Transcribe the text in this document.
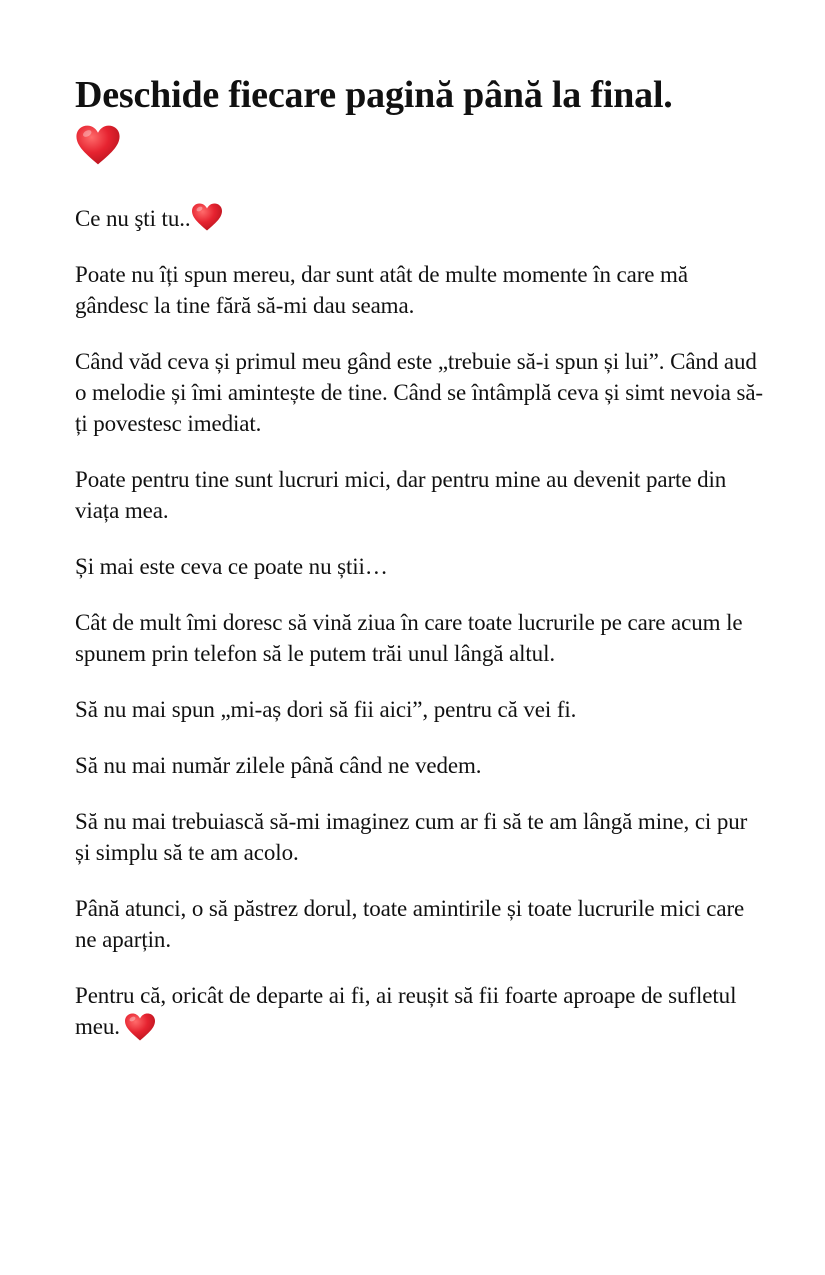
Deschide fiecare pagină până la final.

Ce nu şti tu..

Poate nu îți spun mereu, dar sunt atât de multe momente în care mă gândesc la tine fără să-mi dau seama.

Când văd ceva și primul meu gând este „trebuie să-i spun și lui”. Când aud o melodie și îmi amintește de tine. Când se întâmplă ceva și simt nevoia să-ți povestesc imediat.

Poate pentru tine sunt lucruri mici, dar pentru mine au devenit parte din viața mea.

Și mai este ceva ce poate nu știi…

Cât de mult îmi doresc să vină ziua în care toate lucrurile pe care acum le spunem prin telefon să le putem trăi unul lângă altul.

Să nu mai spun „mi-aș dori să fii aici”, pentru că vei fi.

Să nu mai număr zilele până când ne vedem.

Să nu mai trebuiască să-mi imaginez cum ar fi să te am lângă mine, ci pur și simplu să te am acolo.

Până atunci, o să păstrez dorul, toate amintirile și toate lucrurile mici care ne aparțin.

Pentru că, oricât de departe ai fi, ai reușit să fii foarte aproape de sufletul meu.
